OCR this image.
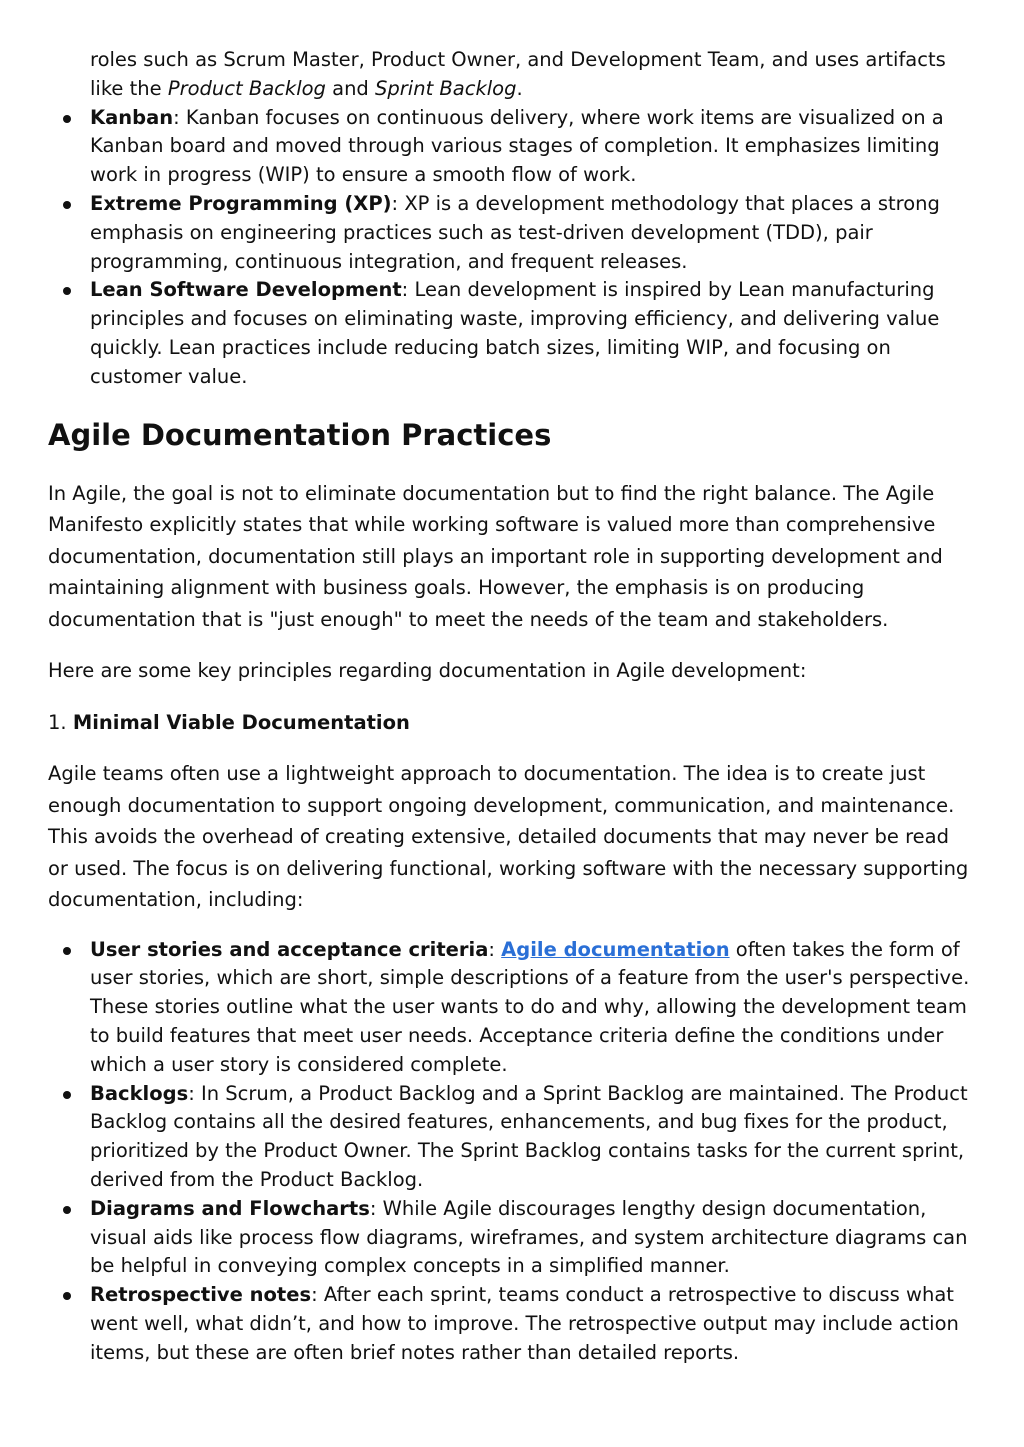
roles such as Scrum Master, Product Owner, and Development Team, and uses artifacts like the Product Backlog and Sprint Backlog.
Kanban: Kanban focuses on continuous delivery, where work items are visualized on a Kanban board and moved through various stages of completion. It emphasizes limiting work in progress (WIP) to ensure a smooth flow of work.
Extreme Programming (XP): XP is a development methodology that places a strong emphasis on engineering practices such as test-driven development (TDD), pair programming, continuous integration, and frequent releases.
Lean Software Development: Lean development is inspired by Lean manufacturing principles and focuses on eliminating waste, improving efficiency, and delivering value quickly. Lean practices include reducing batch sizes, limiting WIP, and focusing on customer value.
Agile Documentation Practices

In Agile, the goal is not to eliminate documentation but to find the right balance. The Agile Manifesto explicitly states that while working software is valued more than comprehensive documentation, documentation still plays an important role in supporting development and maintaining alignment with business goals. However, the emphasis is on producing documentation that is "just enough" to meet the needs of the team and stakeholders.

Here are some key principles regarding documentation in Agile development:

1. Minimal Viable Documentation

Agile teams often use a lightweight approach to documentation. The idea is to create just enough documentation to support ongoing development, communication, and maintenance. This avoids the overhead of creating extensive, detailed documents that may never be read or used. The focus is on delivering functional, working software with the necessary supporting documentation, including:

User stories and acceptance criteria: Agile documentation often takes the form of user stories, which are short, simple descriptions of a feature from the user's perspective. These stories outline what the user wants to do and why, allowing the development team to build features that meet user needs. Acceptance criteria define the conditions under which a user story is considered complete.
Backlogs: In Scrum, a Product Backlog and a Sprint Backlog are maintained. The Product Backlog contains all the desired features, enhancements, and bug fixes for the product, prioritized by the Product Owner. The Sprint Backlog contains tasks for the current sprint, derived from the Product Backlog.
Diagrams and Flowcharts: While Agile discourages lengthy design documentation, visual aids like process flow diagrams, wireframes, and system architecture diagrams can be helpful in conveying complex concepts in a simplified manner.
Retrospective notes: After each sprint, teams conduct a retrospective to discuss what went well, what didn’t, and how to improve. The retrospective output may include action items, but these are often brief notes rather than detailed reports.
